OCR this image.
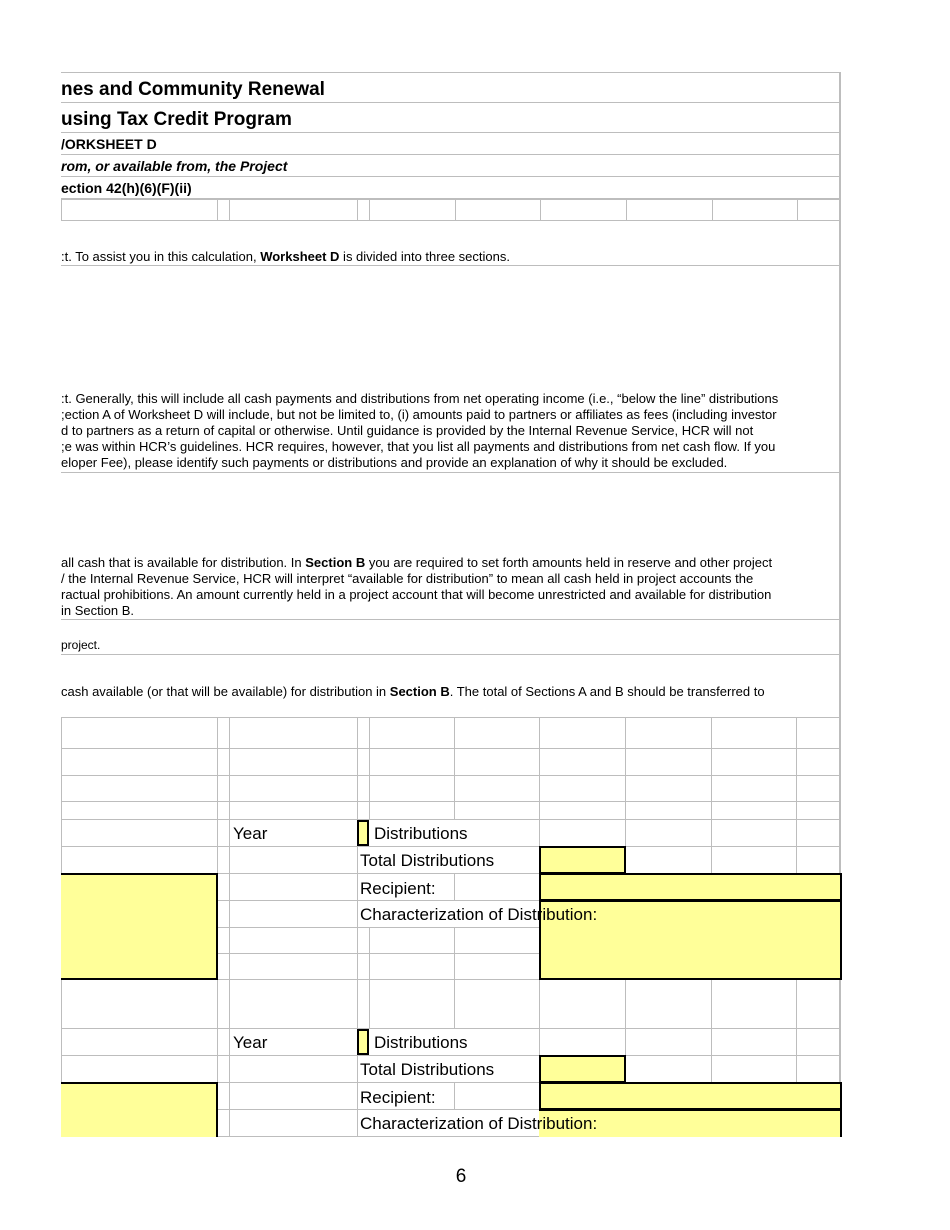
nes and Community Renewal
using Tax Credit Program
/ORKSHEET D
rom, or available from, the Project
ection 42(h)(6)(F)(ii)
:t. To assist you in this calculation, Worksheet D is divided into three sections.
:t. Generally, this will include all cash payments and distributions from net operating income (i.e., “below the line” distributions
;ection A of Worksheet D will include, but not be limited to, (i) amounts paid to partners or affiliates as fees (including investor
d to partners as a return of capital or otherwise. Until guidance is provided by the Internal Revenue Service, HCR will not
;e was within HCR’s guidelines. HCR requires, however, that you list all payments and distributions from net cash flow. If you
eloper Fee), please identify such payments or distributions and provide an explanation of why it should be excluded.
all cash that is available for distribution. In Section B you are required to set forth amounts held in reserve and other project
/ the Internal Revenue Service, HCR will interpret “available for distribution” to mean all cash held in project accounts the
ractual prohibitions. An amount currently held in a project account that will become unrestricted and available for distribution
in Section B.
project.
cash available (or that will be available) for distribution in Section B. The total of Sections A and B should be transferred to
Year	Distributions
Total Distributions
Recipient:
Characterization of Distribution:
Year	Distributions
Total Distributions
Recipient:
Characterization of Distribution:
6
